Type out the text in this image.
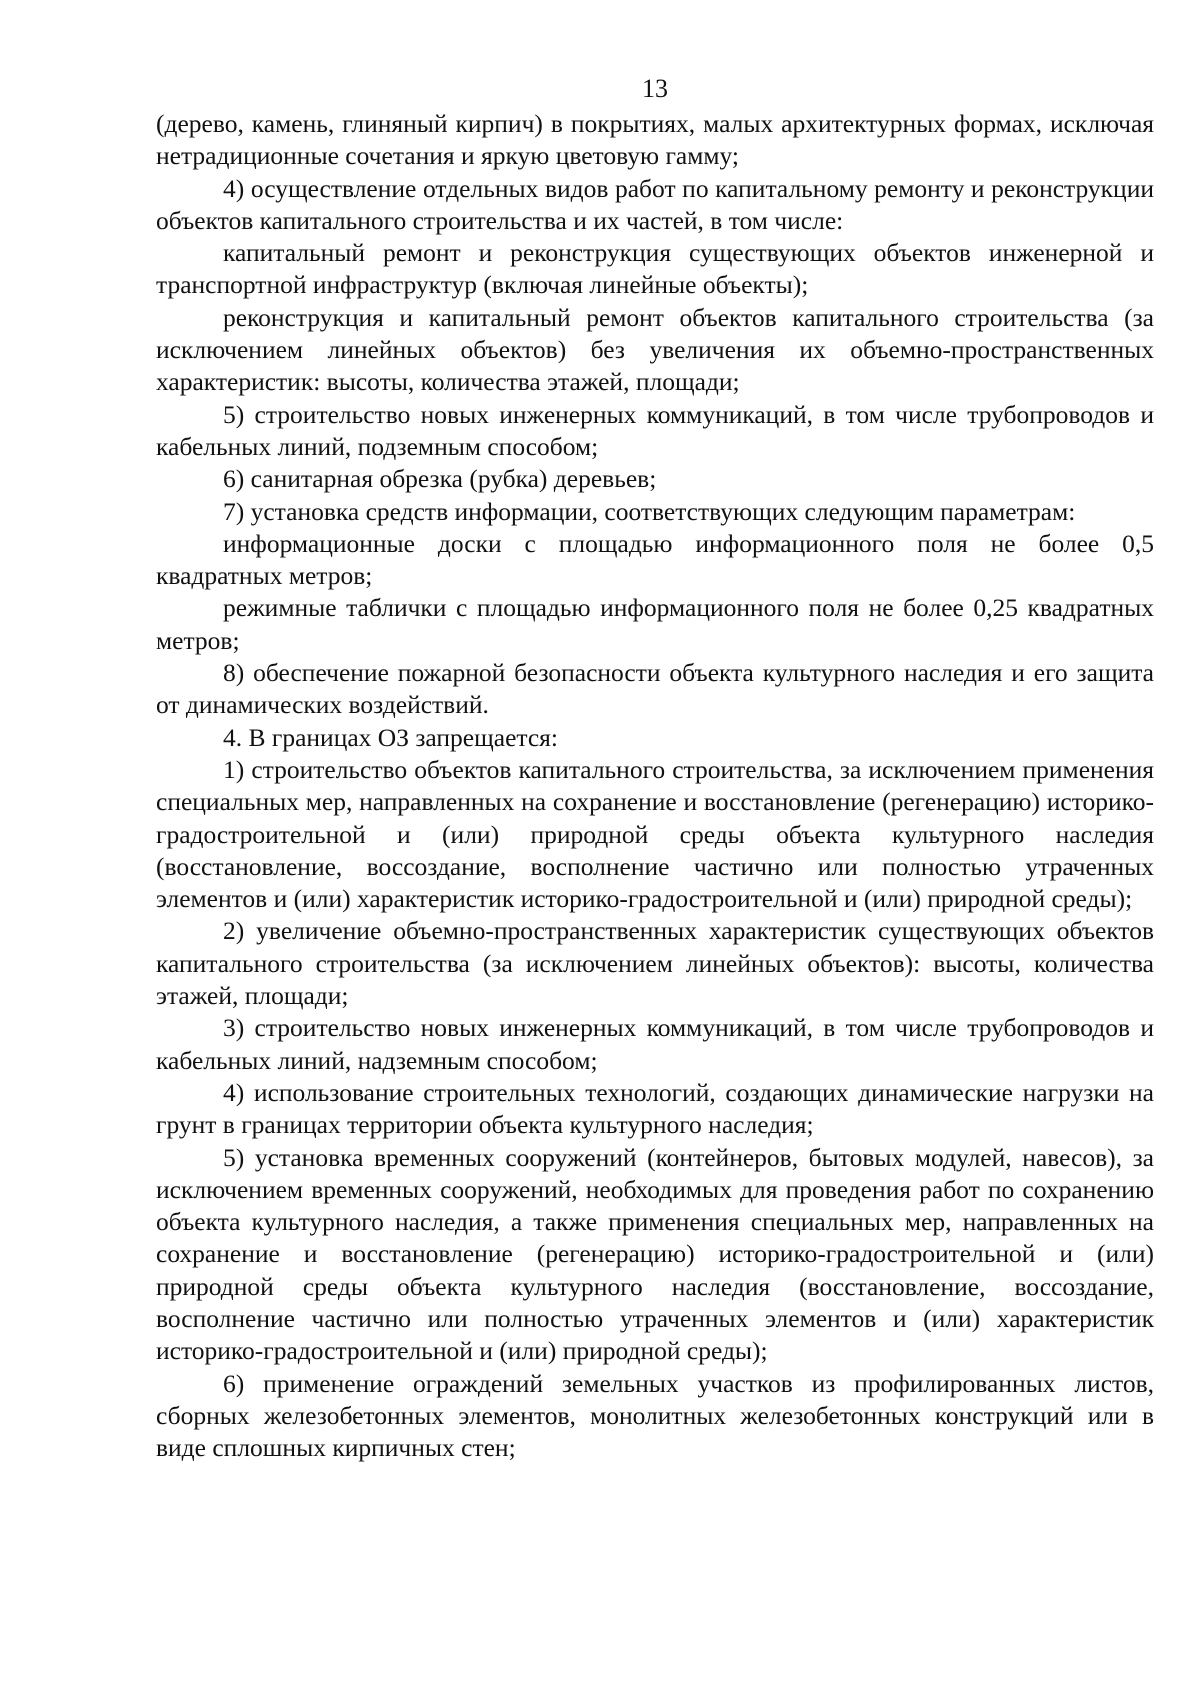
13

(дерево, камень, глиняный кирпич) в покрытиях, малых архитектурных формах, исключая нетрадиционные сочетания и яркую цветовую гамму;

4) осуществление отдельных видов работ по капитальному ремонту и реконструкции объектов капитального строительства и их частей, в том числе:

капитальный ремонт и реконструкция существующих объектов инженерной и транспортной инфраструктур (включая линейные объекты);

реконструкция и капитальный ремонт объектов капитального строительства (за исключением линейных объектов) без увеличения их объемно-пространственных характеристик: высоты, количества этажей, площади;

5) строительство новых инженерных коммуникаций, в том числе трубопроводов и кабельных линий, подземным способом;

6) санитарная обрезка (рубка) деревьев;

7) установка средств информации, соответствующих следующим параметрам:

информационные доски с площадью информационного поля не более 0,5 квадратных метров;

режимные таблички с площадью информационного поля не более 0,25 квадратных метров;

8) обеспечение пожарной безопасности объекта культурного наследия и его защита от динамических воздействий.

4. В границах ОЗ запрещается:

1) строительство объектов капитального строительства, за исключением применения специальных мер, направленных на сохранение и восстановление (регенерацию) историко-градостроительной и (или) природной среды объекта культурного наследия (восстановление, воссоздание, восполнение частично или полностью утраченных элементов и (или) характеристик историко-градостроительной и (или) природной среды);

2) увеличение объемно-пространственных характеристик существующих объектов капитального строительства (за исключением линейных объектов): высоты, количества этажей, площади;

3) строительство новых инженерных коммуникаций, в том числе трубопроводов и кабельных линий, надземным способом;

4) использование строительных технологий, создающих динамические нагрузки на грунт в границах территории объекта культурного наследия;

5) установка временных сооружений (контейнеров, бытовых модулей, навесов), за исключением временных сооружений, необходимых для проведения работ по сохранению объекта культурного наследия, а также применения специальных мер, направленных на сохранение и восстановление (регенерацию) историко-градостроительной и (или) природной среды объекта культурного наследия (восстановление, воссоздание, восполнение частично или полностью утраченных элементов и (или) характеристик историко-градостроительной и (или) природной среды);

6) применение ограждений земельных участков из профилированных листов, сборных железобетонных элементов, монолитных железобетонных конструкций или в виде сплошных кирпичных стен;
